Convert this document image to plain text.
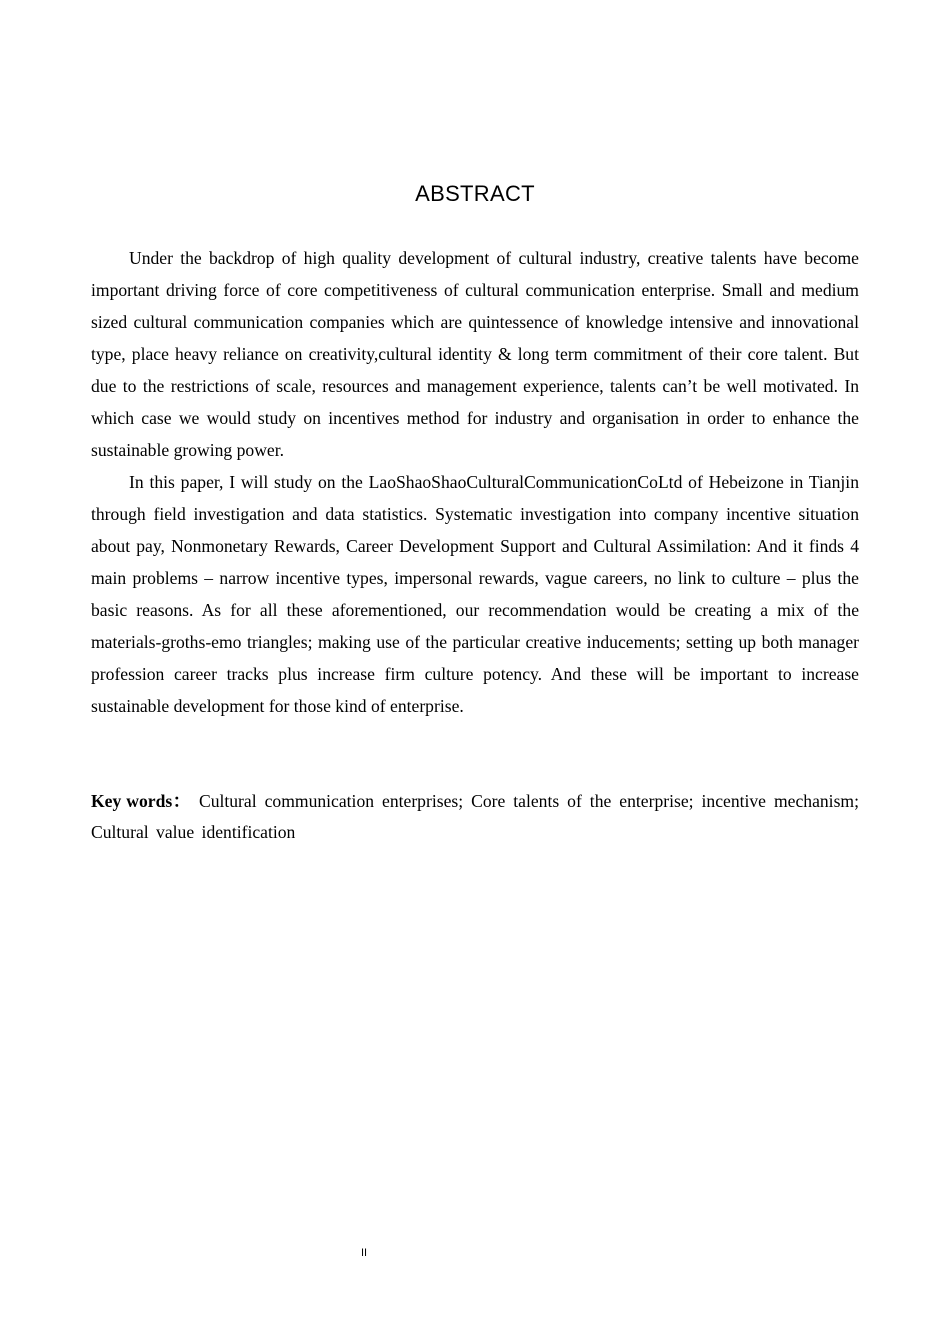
ABSTRACT

Under the backdrop of high quality development of cultural industry, creative talents have become important driving force of core competitiveness of cultural communication enterprise. Small and medium sized cultural communication companies which are quintessence of knowledge intensive and innovational type, place heavy reliance on creativity,cultural identity & long term commitment of their core talent. But due to the restrictions of scale, resources and management experience, talents can’t be well motivated. In which case we would study on incentives method for industry and organisation in order to enhance the sustainable growing power.

In this paper, I will study on the LaoShaoShaoCulturalCommunicationCoLtd of Hebeizone in Tianjin through field investigation and data statistics. Systematic investigation into company incentive situation about pay, Nonmonetary Rewards, Career Development Support and Cultural Assimilation: And it finds 4 main problems – narrow incentive types, impersonal rewards, vague careers, no link to culture – plus the basic reasons. As for all these aforementioned, our recommendation would be creating a mix of the materials-groths-emo triangles; making use of the particular creative inducements; setting up both manager profession career tracks plus increase firm culture potency. And these will be important to increase sustainable development for those kind of enterprise.

Key words： Cultural communication enterprises; Core talents of the enterprise; incentive mechanism; Cultural value identification
II
